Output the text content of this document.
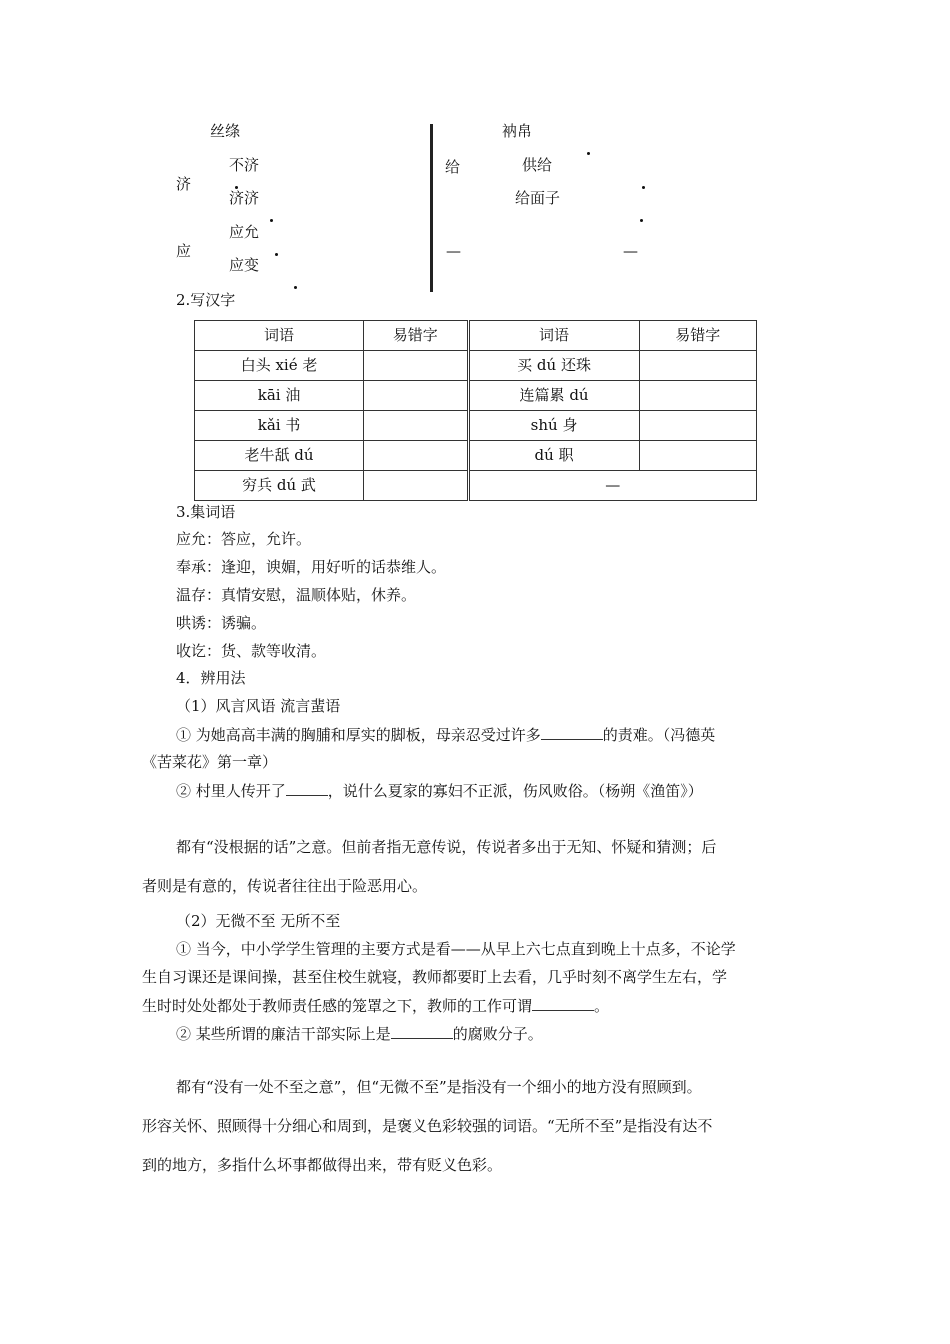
丝绦
济
不济
济济
应
应允
应变

衲帛

给	供给

给面子
—	—
2.写汉字
词语	易错字	词语	易错字
白头 xié 老		买 dú 还珠	
kāi 油		连篇累 dú	
kǎi 书		shú 身	
老牛舐 dú		dú 职	
穷兵 dú 武		—	
3.集词语
应允：答应，允许。
奉承：逢迎，谀媚，用好听的话恭维人。
温存：真情安慰，温顺体贴，休养。
哄诱：诱骗。
收讫：货、款等收清。
4．辨用法
（1）风言风语 流言蜚语
① 为她高高丰满的胸脯和厚实的脚板，母亲忍受过许多	的责难。（冯德英
《苦菜花》第一章）
② 村里人传开了	，说什么夏家的寡妇不正派，伤风败俗。（杨朔《渔笛》）
都有“没根据的话”之意。但前者指无意传说，传说者多出于无知、怀疑和猜测；后
者则是有意的，传说者往往出于险恶用心。
（2）无微不至 无所不至
① 当今，中小学学生管理的主要方式是看——从早上六七点直到晚上十点多，不论学
生自习课还是课间操，甚至住校生就寝，教师都要盯上去看，几乎时刻不离学生左右，学
生时时处处都处于教师责任感的笼罩之下，教师的工作可谓	。
② 某些所谓的廉洁干部实际上是	的腐败分子。
都有“没有一处不至之意”，但“无微不至”是指没有一个细小的地方没有照顾到。
形容关怀、照顾得十分细心和周到，是褒义色彩较强的词语。“无所不至”是指没有达不
到的地方，多指什么坏事都做得出来，带有贬义色彩。
